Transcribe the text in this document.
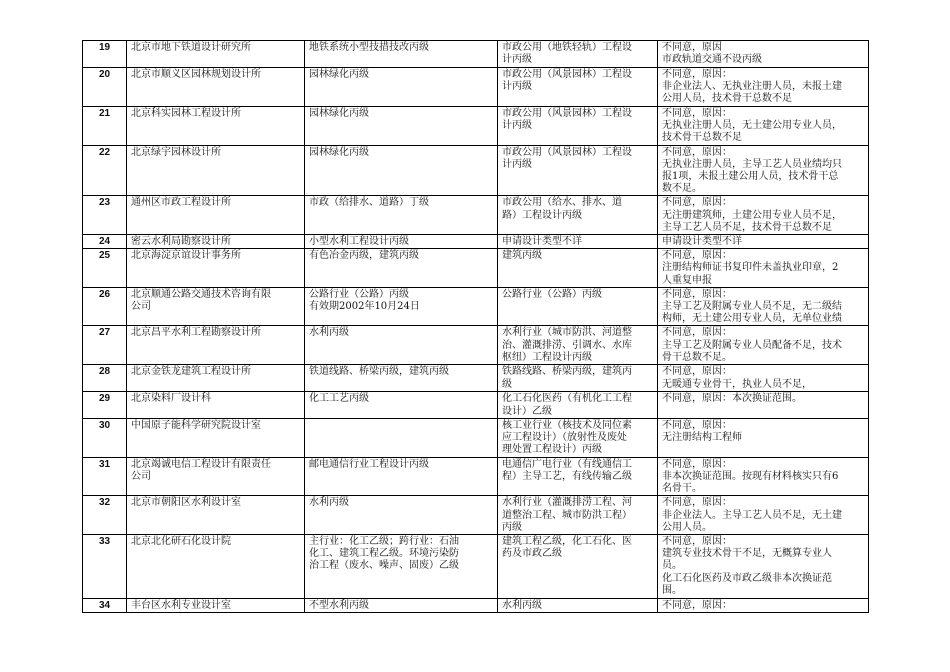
19	北京市地下铁道设计研究所	地铁系统小型技措技改丙级	市政公用（地铁轻轨）工程设
计丙级	不同意，原因
市政轨道交通不设丙级

20	北京市顺义区园林规划设计所	园林绿化丙级	市政公用（风景园林）工程设
计丙级	不同意，原因：
非企业法人、无执业注册人员，未报土建
公用人员，技术骨干总数不足

21	北京科实园林工程设计所	园林绿化丙级	市政公用（风景园林）工程设
计丙级	不同意，原因：
无执业注册人员，无土建公用专业人员，
技术骨干总数不足

22	北京绿宇园林设计所	园林绿化丙级	市政公用（风景园林）工程设
计丙级	不同意，原因：
无执业注册人员，主导工艺人员业绩均只
报1项，未报土建公用人员，技术骨干总
数不足。

23	通州区市政工程设计所	市政（给排水、道路）丁级	市政公用（给水、排水、道
路）工程设计丙级	不同意，原因：
无注册建筑师，土建公用专业人员不足，
主导工艺人员不足，技术骨干总数不足

24	密云水利局勘察设计所	小型水利工程设计丙级	申请设计类型不详	申请设计类型不详

25	北京海淀京谊设计事务所	有色冶金丙级，建筑丙级	建筑丙级	不同意，原因：
注册结构师证书复印件未盖执业印章，2
人重复申报

26	北京顺通公路交通技术咨询有限
公司	公路行业（公路）丙级
有效期2002年10月24日	公路行业（公路）丙级	不同意，原因：
主导工艺及附属专业人员不足，无二级结
构师，无土建公用专业人员，无单位业绩

27	北京昌平水利工程勘察设计所	水利丙级	水利行业（城市防洪、河道整
治、灌溉排涝、引调水、水库
枢纽）工程设计丙级	不同意，原因：
主导工艺及附属专业人员配备不足，技术
骨干总数不足。

28	北京金铁龙建筑工程设计所	铁道线路、桥梁丙级，建筑丙级	铁路线路、桥梁丙级，建筑丙
级	不同意，原因：
无暖通专业骨干，执业人员不足，

29	北京染料厂设计科	化工工艺丙级	化工石化医药（有机化工工程
设计）乙级	不同意，原因：本次换证范围。

30	中国原子能科学研究院设计室		核工业行业（核技术及同位素
应工程设计）（放射性及废处
理处置工程设计）丙级	不同意，原因：
无注册结构工程师

31	北京竭诚电信工程设计有限责任
公司	邮电通信行业工程设计丙级	电通信广电行业（有线通信工
程）主导工艺，有线传输乙级	不同意，原因：
非本次换证范围。按现有材料核实只有6
名骨干。

32	北京市朝阳区水利设计室	水利丙级	水利行业（灌溉排涝工程、河
道整治工程、城市防洪工程）
丙级	不同意，原因：
非企业法人。主导工艺人员不足，无土建
公用人员。

33	北京北化研石化设计院	主行业：化工乙级；跨行业：石油
化工、建筑工程乙级。环境污染防
治工程（废水、噪声、固废）乙级	建筑工程乙级，化工石化、医
药及市政乙级	不同意，原因：
建筑专业技术骨干不足，无概算专业人
员。
化工石化医药及市政乙级非本次换证范
围。

34	丰台区水利专业设计室	不型水利丙级	水利丙级	不同意，原因：
